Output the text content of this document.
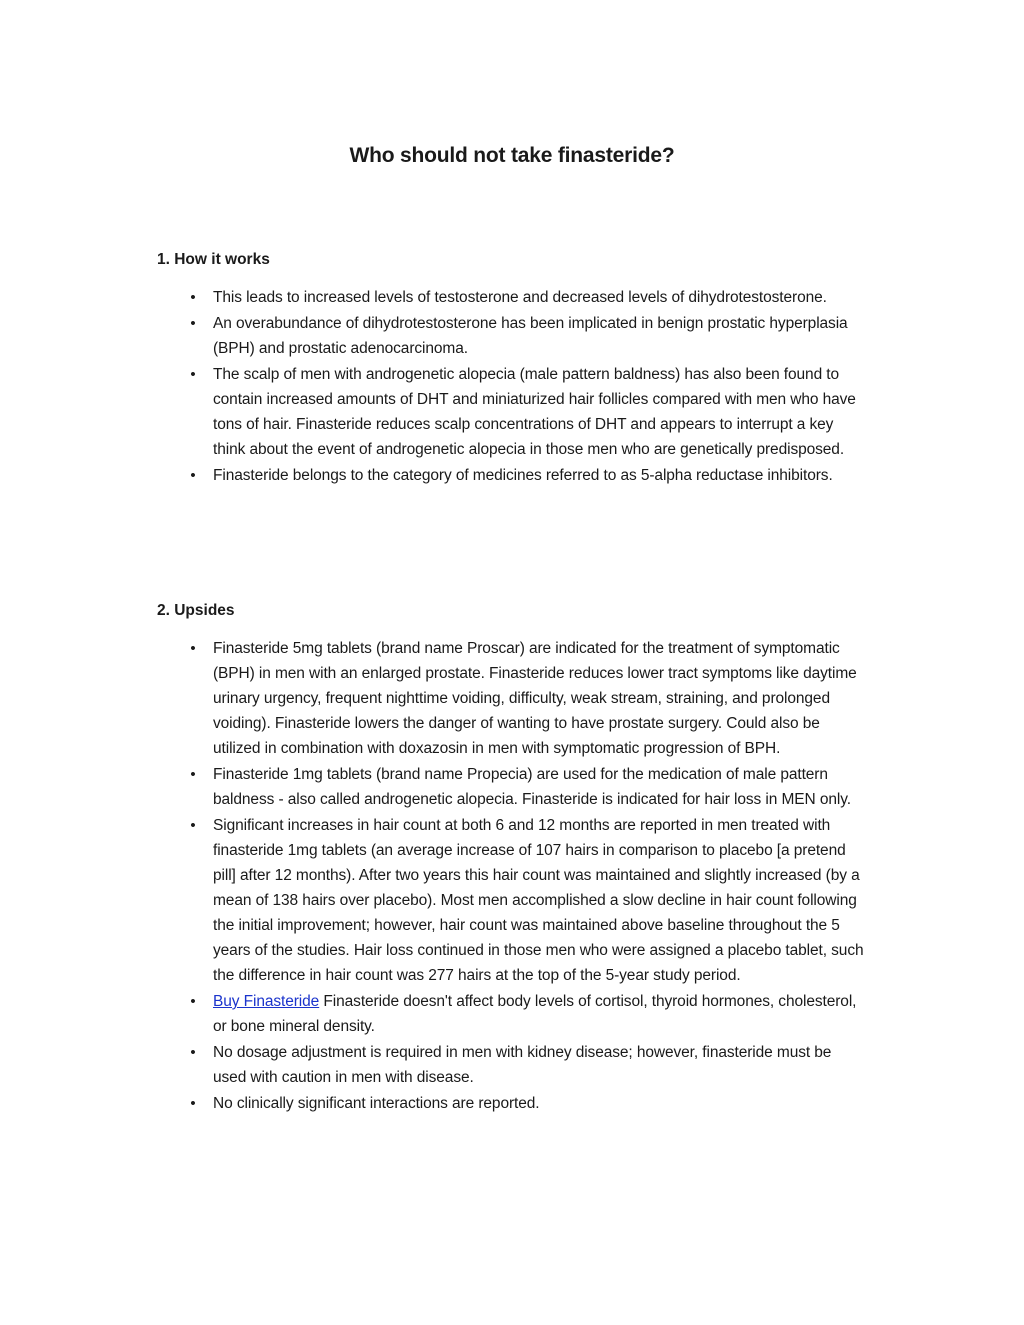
Who should not take finasteride?
1. How it works
• This leads to increased levels of testosterone and decreased levels of dihydrotestosterone.
• An overabundance of dihydrotestosterone has been implicated in benign prostatic hyperplasia (BPH) and prostatic adenocarcinoma.
• The scalp of men with androgenetic alopecia (male pattern baldness) has also been found to contain increased amounts of DHT and miniaturized hair follicles compared with men who have tons of hair. Finasteride reduces scalp concentrations of DHT and appears to interrupt a key think about the event of androgenetic alopecia in those men who are genetically predisposed.
• Finasteride belongs to the category of medicines referred to as 5-alpha reductase inhibitors.
2. Upsides
• Finasteride 5mg tablets (brand name Proscar) are indicated for the treatment of symptomatic (BPH) in men with an enlarged prostate. Finasteride reduces lower tract symptoms like daytime urinary urgency, frequent nighttime voiding, difficulty, weak stream, straining, and prolonged voiding). Finasteride lowers the danger of wanting to have prostate surgery. Could also be utilized in combination with doxazosin in men with symptomatic progression of BPH.
• Finasteride 1mg tablets (brand name Propecia) are used for the medication of male pattern baldness - also called androgenetic alopecia. Finasteride is indicated for hair loss in MEN only.
• Significant increases in hair count at both 6 and 12 months are reported in men treated with finasteride 1mg tablets (an average increase of 107 hairs in comparison to placebo [a pretend pill] after 12 months). After two years this hair count was maintained and slightly increased (by a mean of 138 hairs over placebo). Most men accomplished a slow decline in hair count following the initial improvement; however, hair count was maintained above baseline throughout the 5 years of the studies. Hair loss continued in those men who were assigned a placebo tablet, such the difference in hair count was 277 hairs at the top of the 5-year study period.
• Buy Finasteride Finasteride doesn't affect body levels of cortisol, thyroid hormones, cholesterol, or bone mineral density.
• No dosage adjustment is required in men with kidney disease; however, finasteride must be used with caution in men with disease.
• No clinically significant interactions are reported.
